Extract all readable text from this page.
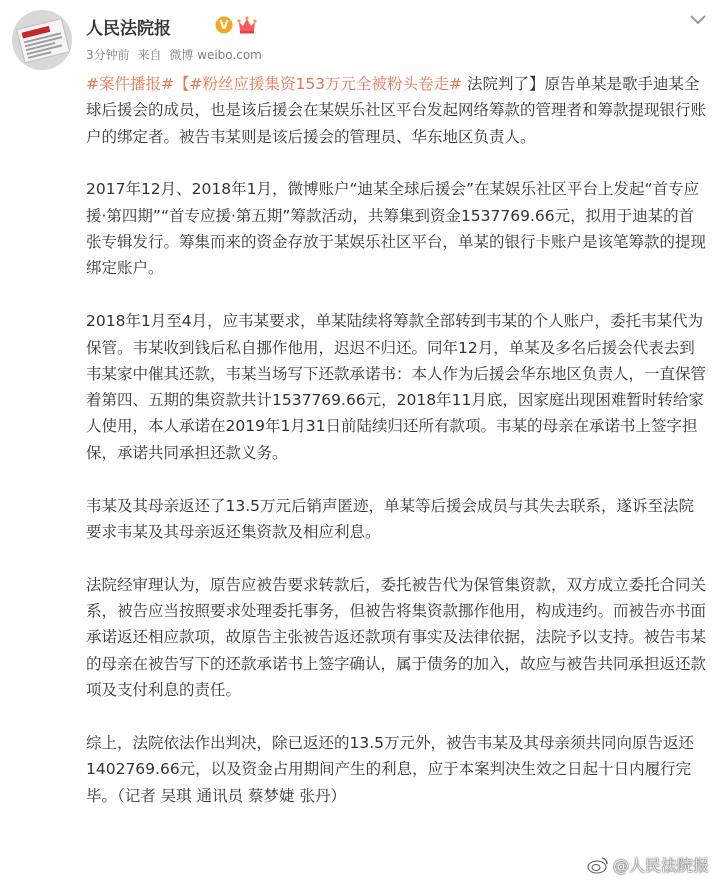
人民法院报	V
3分钟前 来自 微博 weibo.com

#案件播报#【#粉丝应援集资153万元全被粉头卷走# 法院判了】原告单某是歌手迪某全球后援会的成员，也是该后援会在某娱乐社区平台发起网络筹款的管理者和筹款提现银行账户的绑定者。被告韦某则是该后援会的管理员、华东地区负责人。

2017年12月、2018年1月，微博账户“迪某全球后援会”在某娱乐社区平台上发起“首专应援·第四期”“首专应援·第五期”筹款活动，共筹集到资金1537769.66元，拟用于迪某的首张专辑发行。筹集而来的资金存放于某娱乐社区平台，单某的银行卡账户是该笔筹款的提现绑定账户。

2018年1月至4月，应韦某要求，单某陆续将筹款全部转到韦某的个人账户，委托韦某代为保管。韦某收到钱后私自挪作他用，迟迟不归还。同年12月，单某及多名后援会代表去到韦某家中催其还款，韦某当场写下还款承诺书：本人作为后援会华东地区负责人，一直保管着第四、五期的集资款共计1537769.66元，2018年11月底，因家庭出现困难暂时转给家人使用，本人承诺在2019年1月31日前陆续归还所有款项。韦某的母亲在承诺书上签字担保，承诺共同承担还款义务。

韦某及其母亲返还了13.5万元后销声匿迹，单某等后援会成员与其失去联系，遂诉至法院要求韦某及其母亲返还集资款及相应利息。

法院经审理认为，原告应被告要求转款后，委托被告代为保管集资款，双方成立委托合同关系，被告应当按照要求处理委托事务，但被告将集资款挪作他用，构成违约。而被告亦书面承诺返还相应款项，故原告主张被告返还款项有事实及法律依据，法院予以支持。被告韦某的母亲在被告写下的还款承诺书上签字确认，属于债务的加入，故应与被告共同承担返还款项及支付利息的责任。

综上，法院依法作出判决，除已返还的13.5万元外，被告韦某及其母亲须共同向原告返还1402769.66元，以及资金占用期间产生的利息，应于本案判决生效之日起十日内履行完毕。（记者 吴琪 通讯员 蔡梦婕 张丹）

@人民法院报
